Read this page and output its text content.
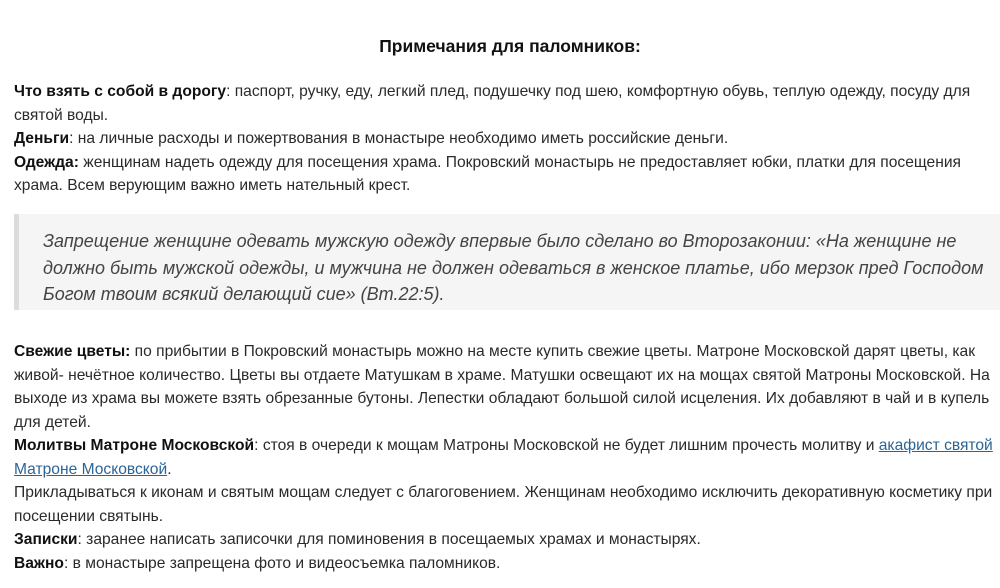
Примечания для паломников:
Что взять с собой в дорогу: паспорт, ручку, еду, легкий плед, подушечку под шею, комфортную обувь, теплую одежду, посуду для святой воды.
Деньги: на личные расходы и пожертвования в монастыре необходимо иметь российские деньги.
Одежда: женщинам надеть одежду для посещения храма. Покровский монастырь не предоставляет юбки, платки для посещения храма. Всем верующим важно иметь нательный крест.
Запрещение женщине одевать мужскую одежду впервые было сделано во Второзаконии: «На женщине не должно быть мужской одежды, и мужчина не должен одеваться в женское платье, ибо мерзок пред Господом Богом твоим всякий делающий сие» (Вт.22:5).
Свежие цветы: по прибытии в Покровский монастырь можно на месте купить свежие цветы. Матроне Московской дарят цветы, как живой- нечётное количество. Цветы вы отдаете Матушкам в храме. Матушки освещают их на мощах святой Матроны Московской. На выходе из храма вы можете взять обрезанные бутоны. Лепестки обладают большой силой исцеления. Их добавляют в чай и в купель для детей.
Молитвы Матроне Московской: стоя в очереди к мощам Матроны Московской не будет лишним прочесть молитву и акафист святой Матроне Московской.
Прикладываться к иконам и святым мощам следует с благоговением. Женщинам необходимо исключить декоративную косметику при посещении святынь.
Записки: заранее написать записочки для поминовения в посещаемых храмах и монастырях.
Важно: в монастыре запрещена фото и видеосъемка паломников.
